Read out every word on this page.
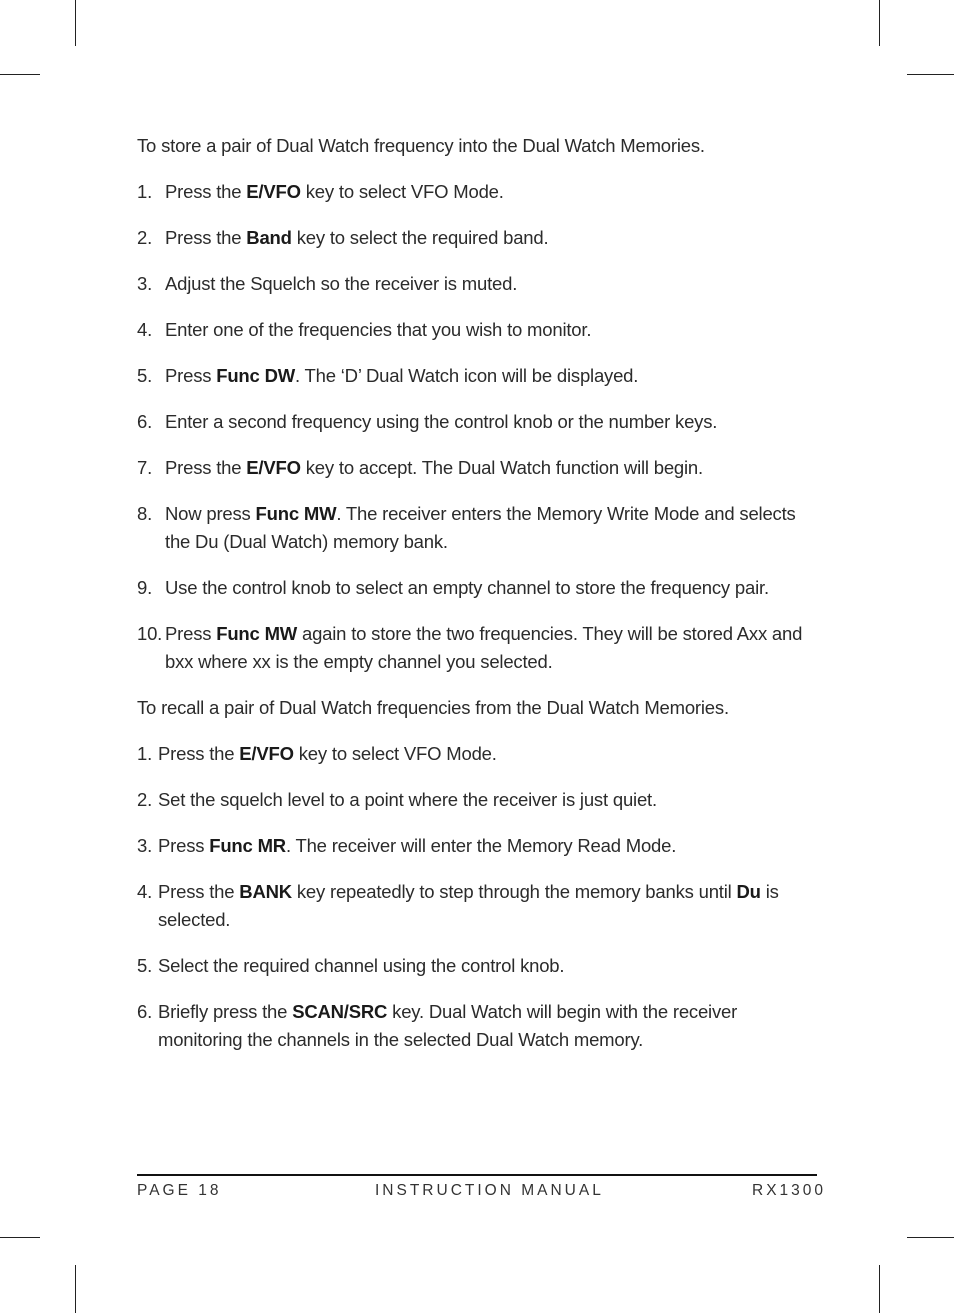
To store a pair of Dual Watch frequency into the Dual Watch Memories.

1. Press the E/VFO key to select VFO Mode.
2. Press the Band key to select the required band.
3. Adjust the Squelch so the receiver is muted.
4. Enter one of the frequencies that you wish to monitor.
5. Press Func DW. The ‘D’ Dual Watch icon will be displayed.
6. Enter a second frequency using the control knob or the number keys.
7. Press the E/VFO key to accept. The Dual Watch function will begin.
8. Now press Func MW. The receiver enters the Memory Write Mode and selects the Du (Dual Watch) memory bank.
9. Use the control knob to select an empty channel to store the frequency pair.
10. Press Func MW again to store the two frequencies. They will be stored Axx and bxx where xx is the empty channel you selected.

To recall a pair of Dual Watch frequencies from the Dual Watch Memories.

1. Press the E/VFO key to select VFO Mode.
2. Set the squelch level to a point where the receiver is just quiet.
3. Press Func MR. The receiver will enter the Memory Read Mode.
4. Press the BANK key repeatedly to step through the memory banks until Du is selected.
5. Select the required channel using the control knob.
6. Briefly press the SCAN/SRC key. Dual Watch will begin with the receiver monitoring the channels in the selected Dual Watch memory.
PAGE 18	INSTRUCTION MANUAL	RX1300
